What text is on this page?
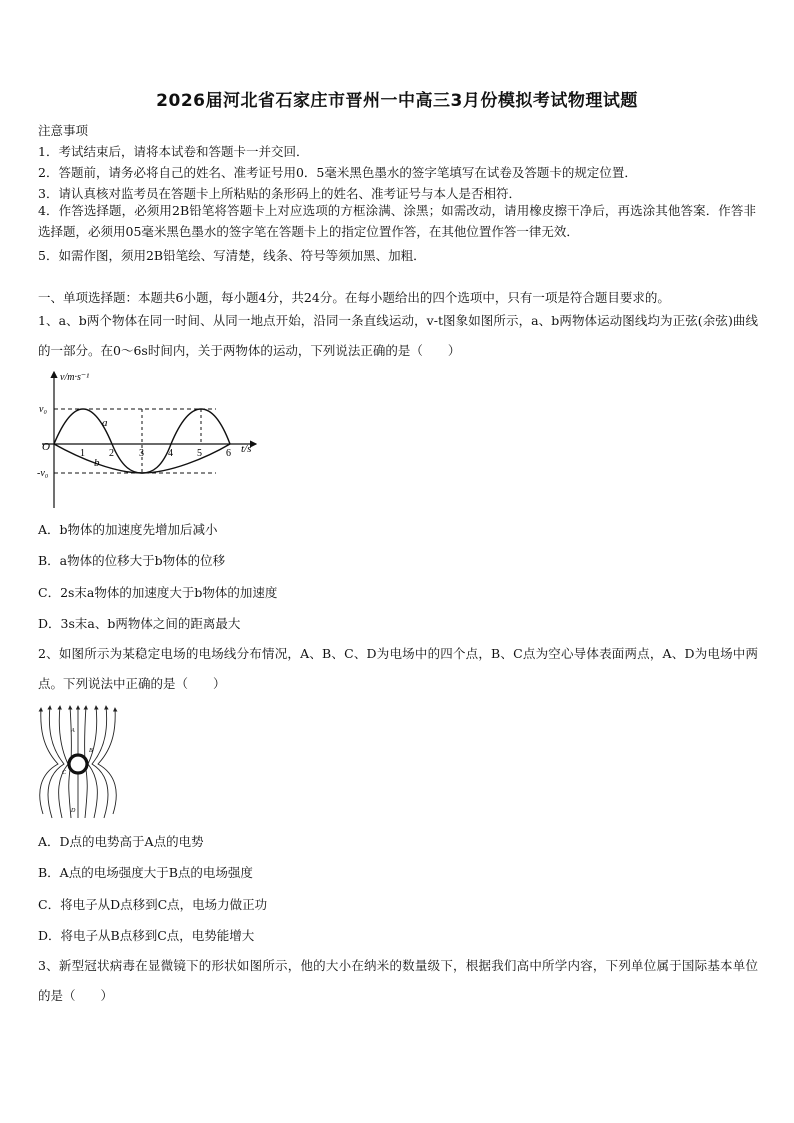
2026届河北省石家庄市晋州一中高三3月份模拟考试物理试题
注意事项
1．考试结束后，请将本试卷和答题卡一并交回．
2．答题前，请务必将自己的姓名、准考证号用0．5毫米黑色墨水的签字笔填写在试卷及答题卡的规定位置．
3．请认真核对监考员在答题卡上所粘贴的条形码上的姓名、准考证号与本人是否相符．
4．作答选择题，必须用2B铅笔将答题卡上对应选项的方框涂满、涂黑；如需改动，请用橡皮擦干净后，再选涂其他答案．作答非选择题，必须用05毫米黑色墨水的签字笔在答题卡上的指定位置作答，在其他位置作答一律无效．
5．如需作图，须用2B铅笔绘、写清楚，线条、符号等须加黑、加粗．
一、单项选择题：本题共6小题，每小题4分，共24分。在每小题给出的四个选项中，只有一项是符合题目要求的。
1、a、b两个物体在同一时间、从同一地点开始，沿同一条直线运动，v-t图象如图所示，a、b两物体运动图线均为正弦(余弦)曲线的一部分。在0～6s时间内，关于两物体的运动，下列说法正确的是（　　）
v/m·s⁻¹
t/s
O
v₀
-v₀
1 2	3 4 5 6
a
b
A．b物体的加速度先增加后减小
B．a物体的位移大于b物体的位移
C．2s末a物体的加速度大于b物体的加速度
D．3s末a、b两物体之间的距离最大
2、如图所示为某稳定电场的电场线分布情况，A、B、C、D为电场中的四个点，B、C点为空心导体表面两点，A、D为电场中两点。下列说法中正确的是（　　）
A
B
C
D
A．D点的电势高于A点的电势
B．A点的电场强度大于B点的电场强度
C．将电子从D点移到C点，电场力做正功
D．将电子从B点移到C点，电势能增大
3、新型冠状病毒在显微镜下的形状如图所示，他的大小在纳米的数量级下，根据我们高中所学内容，下列单位属于国际基本单位的是（　　）
